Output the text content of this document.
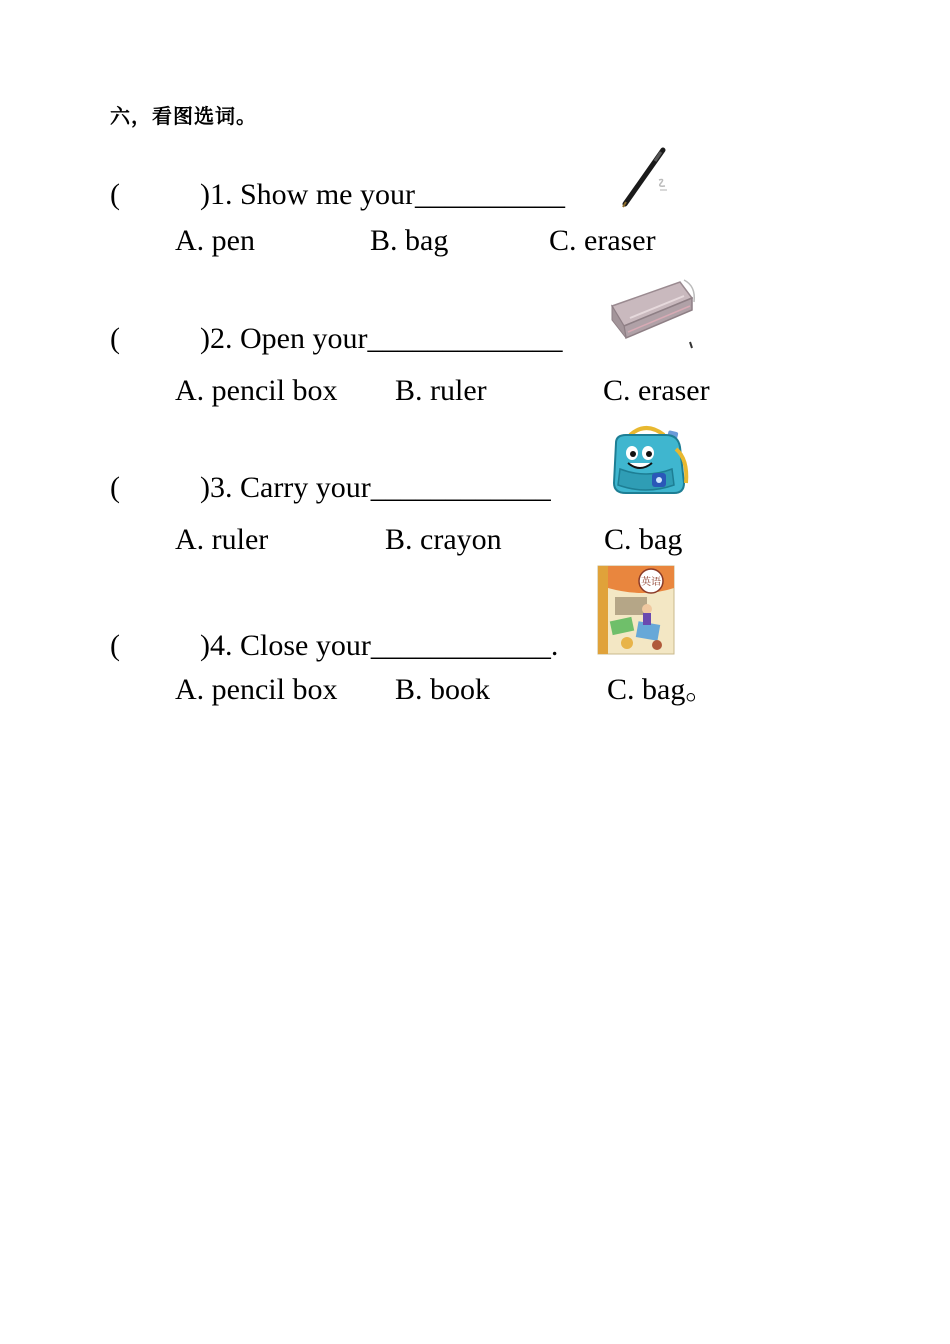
六，看图选词。
(	)1. Show me your__________
A. pen	B. bag	C. eraser
(	)2. Open your_____________
A. pencil box B. ruler	C. eraser
(	)3. Carry your____________
A. ruler	B. crayon	C. bag
(	)4. Close your____________.
英语
A. pencil box B. book	C. bag。
